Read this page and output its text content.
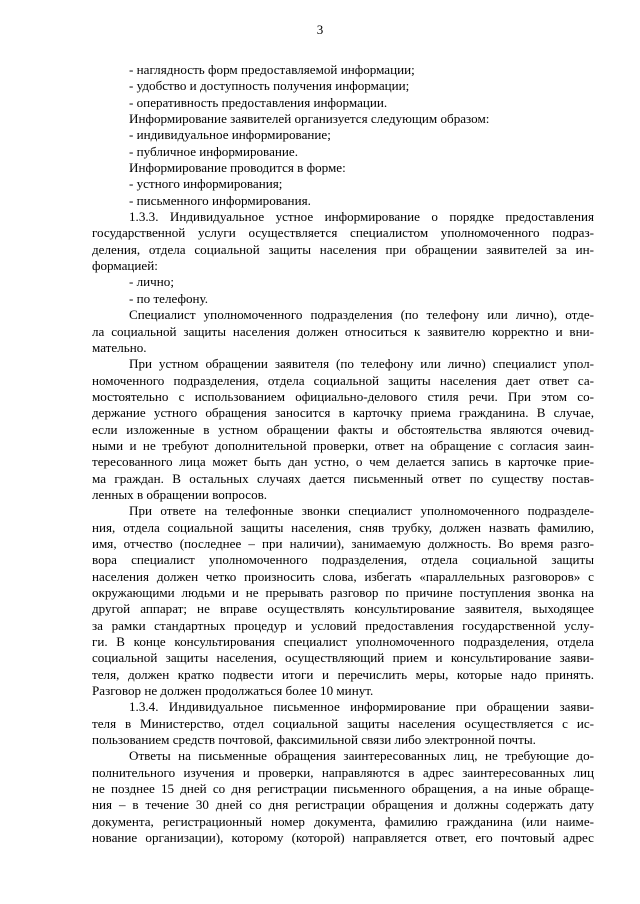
3
- наглядность форм предоставляемой информации;
- удобство и доступность получения информации;
- оперативность предоставления информации.
Информирование заявителей организуется следующим образом:
- индивидуальное информирование;
- публичное информирование.
Информирование проводится в форме:
- устного информирования;
- письменного информирования.
1.3.3. Индивидуальное устное информирование о порядке предоставления
государственной услуги осуществляется специалистом уполномоченного подраз-
деления, отдела социальной защиты населения при обращении заявителей за ин-
формацией:
- лично;
- по телефону.
Специалист уполномоченного подразделения (по телефону или лично), отде-
ла социальной защиты населения должен относиться к заявителю корректно и вни-
мательно.
При устном обращении заявителя (по телефону или лично) специалист упол-
номоченного подразделения, отдела социальной защиты населения дает ответ са-
мостоятельно с использованием официально-делового стиля речи. При этом со-
держание устного обращения заносится в карточку приема гражданина. В случае,
если изложенные в устном обращении факты и обстоятельства являются очевид-
ными и не требуют дополнительной проверки, ответ на обращение с согласия заин-
тересованного лица может быть дан устно, о чем делается запись в карточке прие-
ма граждан. В остальных случаях дается письменный ответ по существу постав-
ленных в обращении вопросов.
При ответе на телефонные звонки специалист уполномоченного подразделе-
ния, отдела социальной защиты населения, сняв трубку, должен назвать фамилию,
имя, отчество (последнее – при наличии), занимаемую должность. Во время разго-
вора специалист уполномоченного подразделения, отдела социальной защиты
населения должен четко произносить слова, избегать «параллельных разговоров» с
окружающими людьми и не прерывать разговор по причине поступления звонка на
другой аппарат; не вправе осуществлять консультирование заявителя, выходящее
за рамки стандартных процедур и условий предоставления государственной услу-
ги. В конце консультирования специалист уполномоченного подразделения, отдела
социальной защиты населения, осуществляющий прием и консультирование заяви-
теля, должен кратко подвести итоги и перечислить меры, которые надо принять.
Разговор не должен продолжаться более 10 минут.
1.3.4. Индивидуальное письменное информирование при обращении заяви-
теля в Министерство, отдел социальной защиты населения осуществляется с ис-
пользованием средств почтовой, факсимильной связи либо электронной почты.
Ответы на письменные обращения заинтересованных лиц, не требующие до-
полнительного изучения и проверки, направляются в адрес заинтересованных лиц
не позднее 15 дней со дня регистрации письменного обращения, а на иные обраще-
ния – в течение 30 дней со дня регистрации обращения и должны содержать дату
документа, регистрационный номер документа, фамилию гражданина (или наиме-
нование организации), которому (которой) направляется ответ, его почтовый адрес
